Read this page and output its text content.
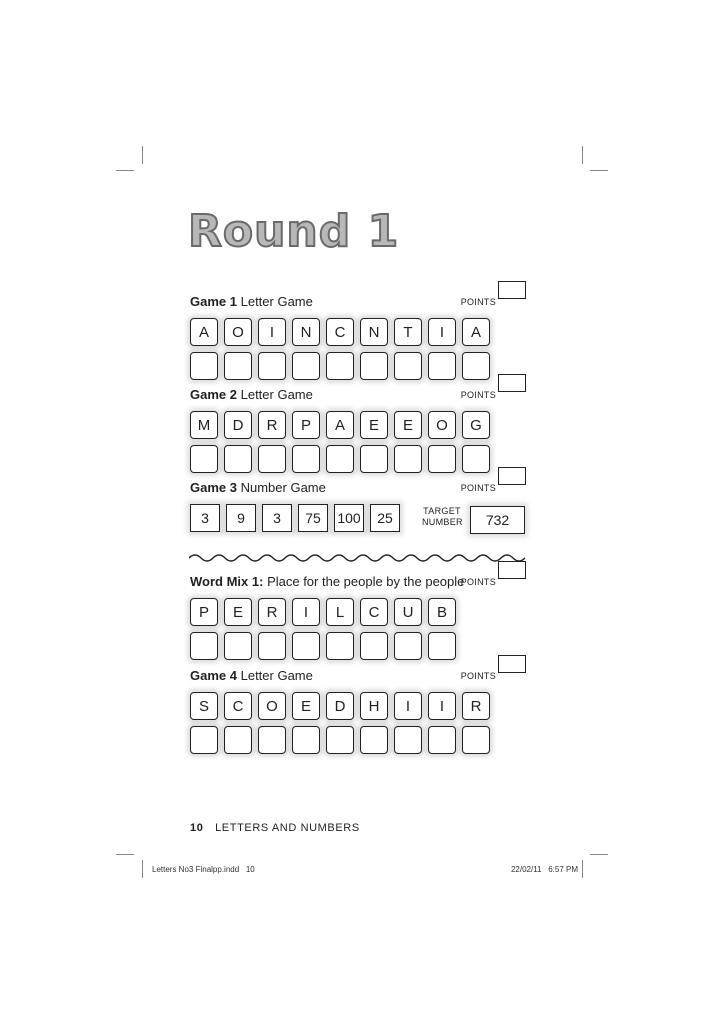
Round 1
Game 1 Letter Game	POINTS
A	O	I	N	C	N	T	I	A
Game 2 Letter Game	POINTS
M	D	R	P	A	E	E	O	G
Game 3 Number Game	POINTS
3	9	3	75	100	25	TARGET
NUMBER	732
Word Mix 1: Place for the people by the people
POINTS
P	E	R	I	L	C	U	B
Game 4 Letter Game	POINTS
S	C	O	E	D	H	I	I	R
10 LETTERS AND NUMBERS
Letters No3 Finalpp.indd   10	22/02/11   6:57 PM
